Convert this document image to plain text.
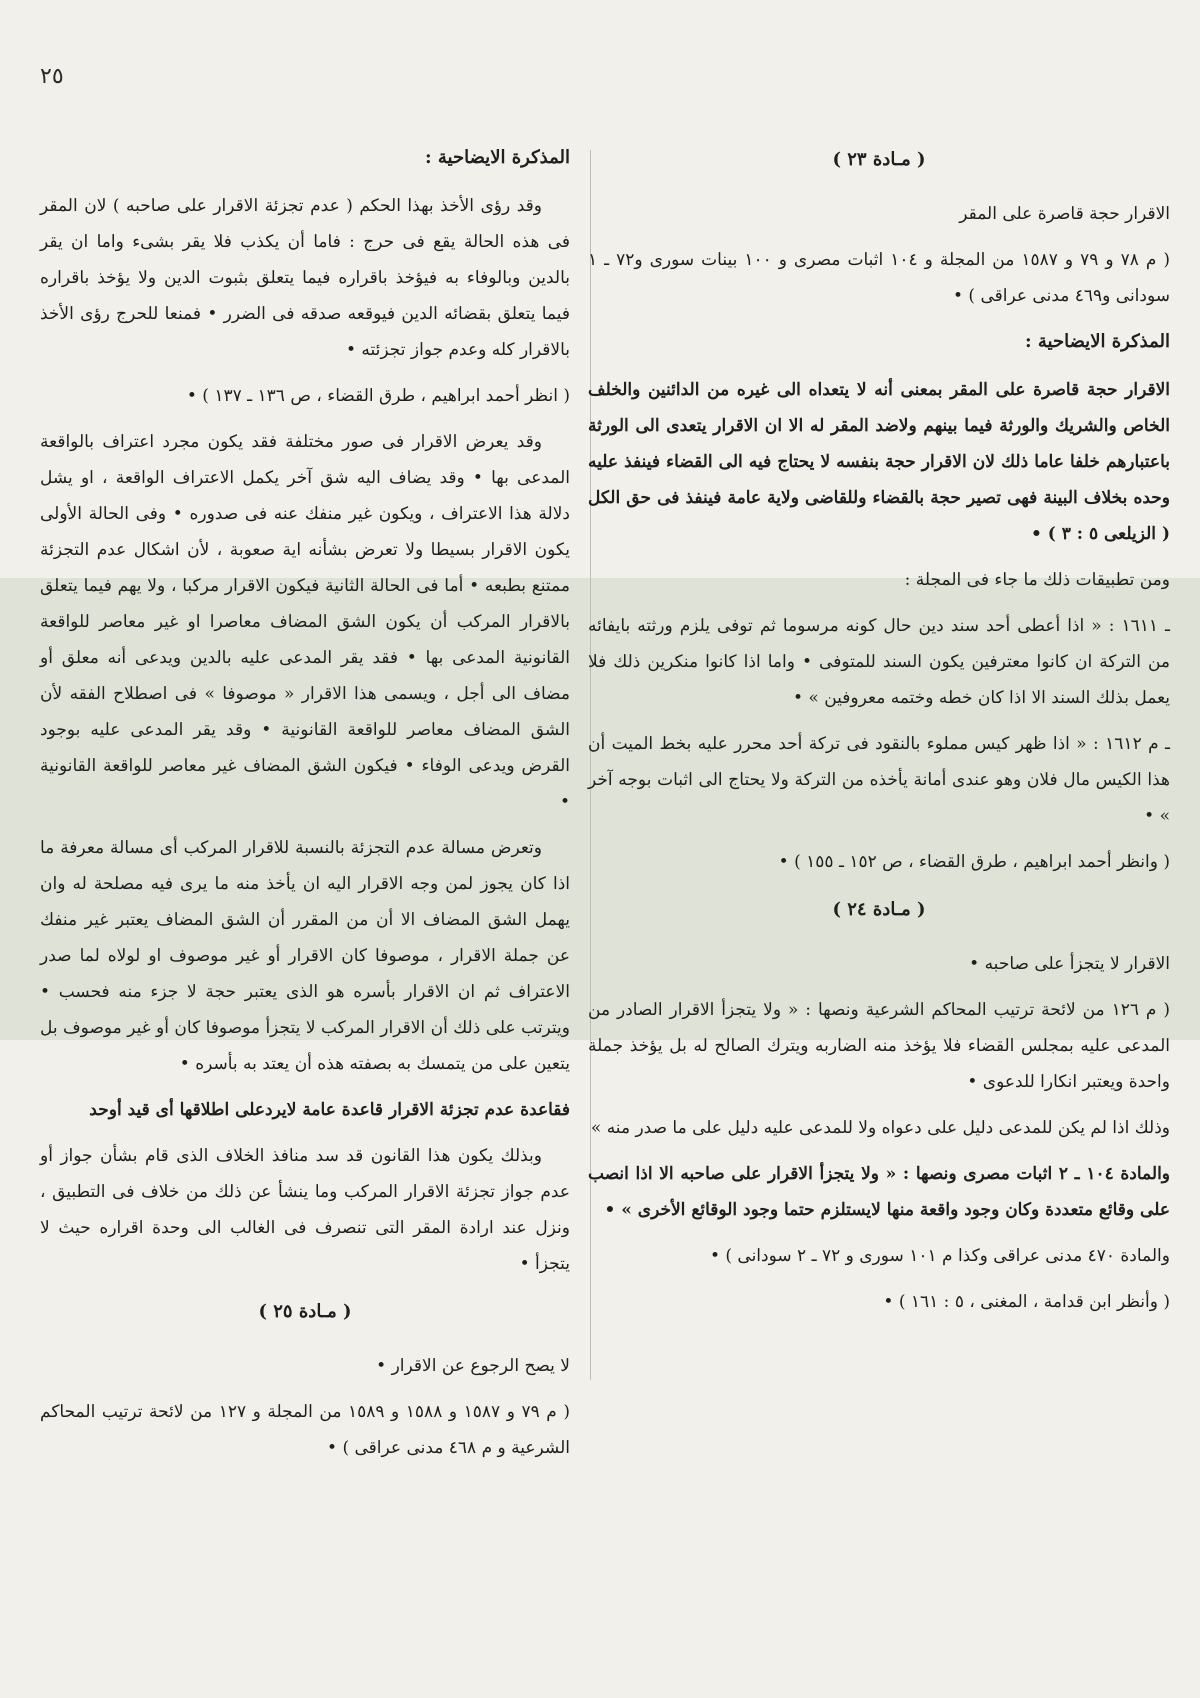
٢٥
( مـادة ٢٣ )

الاقرار حجة قاصرة على المقر

( م ٧٨ و ٧٩ و ١٥٨٧ من المجلة و ١٠٤ اثبات مصرى و ١٠٠ بينات سورى و٧٢ ـ ١ سودانى و٤٦٩ مدنى عراقى ) •

المذكرة الايضاحية :

الاقرار حجة قاصرة على المقر بمعنى أنه لا يتعداه الى غيره من الدائنين والخلف الخاص والشريك والورثة فيما بينهم ولاضد المقر له الا ان الاقرار يتعدى الى الورثة باعتبارهم خلفا عاما ذلك لان الاقرار حجة بنفسه لا يحتاج فيه الى القضاء فينفذ عليه وحده بخلاف البينة فهى تصير حجة بالقضاء وللقاضى ولاية عامة فينفذ فى حق الكل ( الزيلعى ٥ : ٣ ) •

ومن تطبيقات ذلك ما جاء فى المجلة :

ـ ١٦١١ : « اذا أعطى أحد سند دين حال كونه مرسوما ثم توفى يلزم ورثته بايفائه من التركة ان كانوا معترفين يكون السند للمتوفى • واما اذا كانوا منكرين ذلك فلا يعمل بذلك السند الا اذا كان خطه وختمه معروفين » •

ـ م ١٦١٢ : « اذا ظهر كيس مملوء بالنقود فى تركة أحد محرر عليه بخط الميت أن هذا الكيس مال فلان وهو عندى أمانة يأخذه من التركة ولا يحتاج الى اثبات بوجه آخر » •

( وانظر أحمد ابراهيم ، طرق القضاء ، ص ١٥٢ ـ ١٥٥ ) •

( مـادة ٢٤ )

الاقرار لا يتجزأ على صاحبه •

( م ١٢٦ من لائحة ترتيب المحاكم الشرعية ونصها : « ولا يتجزأ الاقرار الصادر من المدعى عليه بمجلس القضاء فلا يؤخذ منه الضاربه ويترك الصالح له بل يؤخذ جملة واحدة ويعتبر انكارا للدعوى •

وذلك اذا لم يكن للمدعى دليل على دعواه ولا للمدعى عليه دليل على ما صدر منه »

والمادة ١٠٤ ـ ٢ اثبات مصرى ونصها : « ولا يتجزأ الاقرار على صاحبه الا اذا انصب على وقائع متعددة وكان وجود واقعة منها لايستلزم حتما وجود الوقائع الأخرى » •

والمادة ٤٧٠ مدنى عراقى وكذا م ١٠١ سورى و ٧٢ ـ ٢ سودانى ) •

( وأنظر ابن قدامة ، المغنى ، ٥ : ١٦١ ) •

المذكرة الايضاحية :

وقد رؤى الأخذ بهذا الحكم ( عدم تجزئة الاقرار على صاحبه ) لان المقر فى هذه الحالة يقع فى حرج : فاما أن يكذب فلا يقر بشىء واما ان يقر بالدين وبالوفاء به فيؤخذ باقراره فيما يتعلق بثبوت الدين ولا يؤخذ باقراره فيما يتعلق بقضائه الدين فيوقعه صدقه فى الضرر • فمنعا للحرج رؤى الأخذ بالاقرار كله وعدم جواز تجزئته •

( انظر أحمد ابراهيم ، طرق القضاء ، ص ١٣٦ ـ ١٣٧ ) •

وقد يعرض الاقرار فى صور مختلفة فقد يكون مجرد اعتراف بالواقعة المدعى بها • وقد يضاف اليه شق آخر يكمل الاعتراف الواقعة ، او يشل دلالة هذا الاعتراف ، ويكون غير منفك عنه فى صدوره • وفى الحالة الأولى يكون الاقرار بسيطا ولا تعرض بشأنه اية صعوبة ، لأن اشكال عدم التجزئة ممتنع بطبعه • أما فى الحالة الثانية فيكون الاقرار مركبا ، ولا يهم فيما يتعلق بالاقرار المركب أن يكون الشق المضاف معاصرا او غير معاصر للواقعة القانونية المدعى بها • فقد يقر المدعى عليه بالدين ويدعى أنه معلق أو مضاف الى أجل ، ويسمى هذا الاقرار « موصوفا » فى اصطلاح الفقه لأن الشق المضاف معاصر للواقعة القانونية • وقد يقر المدعى عليه بوجود القرض ويدعى الوفاء • فيكون الشق المضاف غير معاصر للواقعة القانونية •

وتعرض مسالة عدم التجزئة بالنسبة للاقرار المركب أى مسالة معرفة ما اذا كان يجوز لمن وجه الاقرار اليه ان يأخذ منه ما يرى فيه مصلحة له وان يهمل الشق المضاف الا أن من المقرر أن الشق المضاف يعتبر غير منفك عن جملة الاقرار ، موصوفا كان الاقرار أو غير موصوف او لولاه لما صدر الاعتراف ثم ان الاقرار بأسره هو الذى يعتبر حجة لا جزء منه فحسب • ويترتب على ذلك أن الاقرار المركب لا يتجزأ موصوفا كان أو غير موصوف بل يتعين على من يتمسك به بصفته هذه أن يعتد به بأسره •

فقاعدة عدم تجزئة الاقرار قاعدة عامة لايردعلى اطلاقها أى قيد أوحد

وبذلك يكون هذا القانون قد سد منافذ الخلاف الذى قام بشأن جواز أو عدم جواز تجزئة الاقرار المركب وما ينشأ عن ذلك من خلاف فى التطبيق ، ونزل عند ارادة المقر التى تنصرف فى الغالب الى وحدة اقراره حيث لا يتجزأ •

( مـادة ٢٥ )

لا يصح الرجوع عن الاقرار •

( م ٧٩ و ١٥٨٧ و ١٥٨٨ و ١٥٨٩ من المجلة و ١٢٧ من لائحة ترتيب المحاكم الشرعية و م ٤٦٨ مدنى عراقى ) •
